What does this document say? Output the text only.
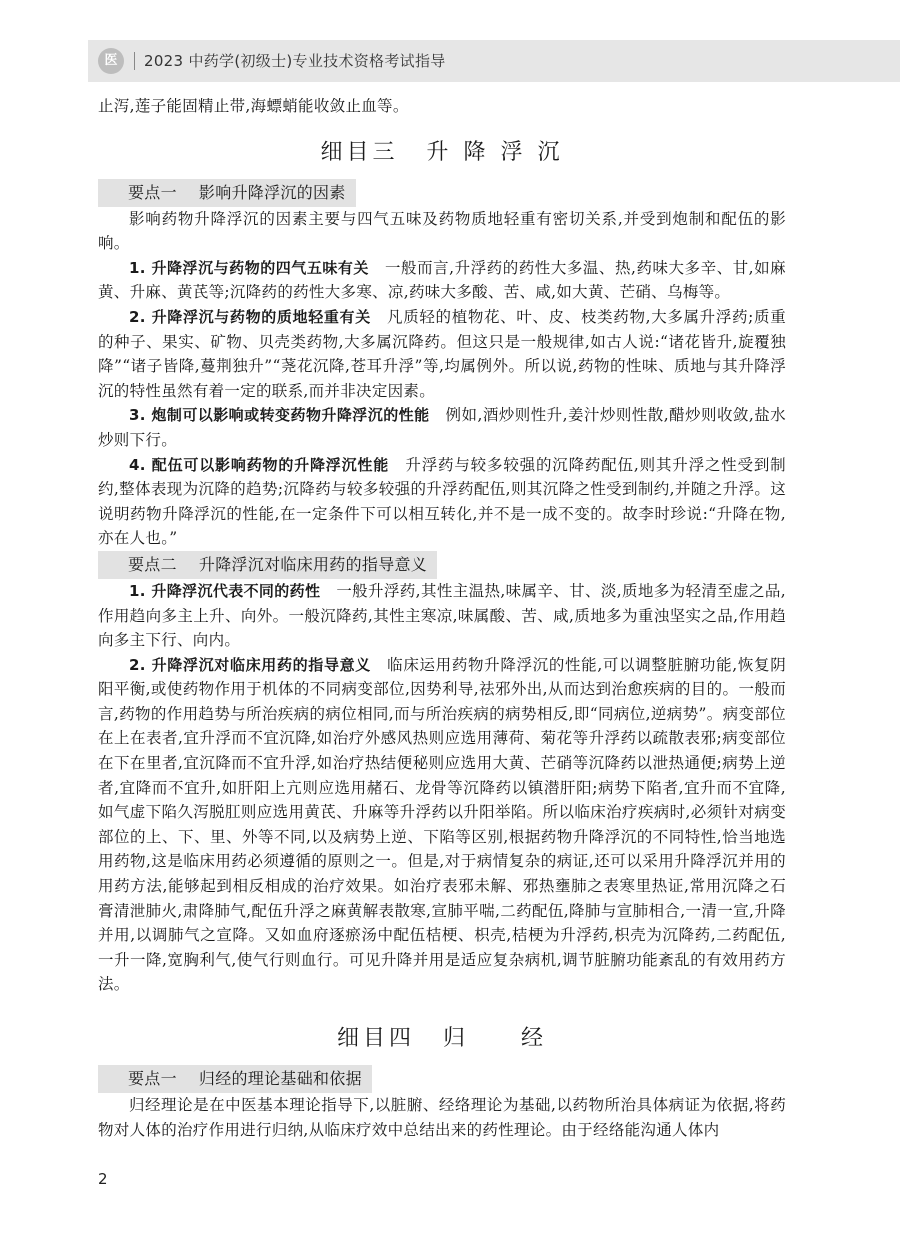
医	2023 中药学(初级士)专业技术资格考试指导

止泻,莲子能固精止带,海螵蛸能收敛止血等。

细目三 升 降 浮 沉

要点一 影响升降浮沉的因素

影响药物升降浮沉的因素主要与四气五味及药物质地轻重有密切关系,并受到炮制和配伍的影响。

1. 升降浮沉与药物的四气五味有关　 一般而言,升浮药的药性大多温、热,药味大多辛、甘,如麻黄、升麻、黄芪等;沉降药的药性大多寒、凉,药味大多酸、苦、咸,如大黄、芒硝、乌梅等。

2. 升降浮沉与药物的质地轻重有关　 凡质轻的植物花、叶、皮、枝类药物,大多属升浮药;质重的种子、果实、矿物、贝壳类药物,大多属沉降药。但这只是一般规律,如古人说:“诸花皆升,旋覆独降”“诸子皆降,蔓荆独升”“荛花沉降,苍耳升浮”等,均属例外。所以说,药物的性味、质地与其升降浮沉的特性虽然有着一定的联系,而并非决定因素。

3. 炮制可以影响或转变药物升降浮沉的性能　 例如,酒炒则性升,姜汁炒则性散,醋炒则收敛,盐水炒则下行。

4. 配伍可以影响药物的升降浮沉性能　 升浮药与较多较强的沉降药配伍,则其升浮之性受到制约,整体表现为沉降的趋势;沉降药与较多较强的升浮药配伍,则其沉降之性受到制约,并随之升浮。这说明药物升降浮沉的性能,在一定条件下可以相互转化,并不是一成不变的。故李时珍说:“升降在物,亦在人也。”

要点二 升降浮沉对临床用药的指导意义

1. 升降浮沉代表不同的药性　 一般升浮药,其性主温热,味属辛、甘、淡,质地多为轻清至虚之品,作用趋向多主上升、向外。一般沉降药,其性主寒凉,味属酸、苦、咸,质地多为重浊坚实之品,作用趋向多主下行、向内。

2. 升降浮沉对临床用药的指导意义　 临床运用药物升降浮沉的性能,可以调整脏腑功能,恢复阴阳平衡,或使药物作用于机体的不同病变部位,因势利导,祛邪外出,从而达到治愈疾病的目的。一般而言,药物的作用趋势与所治疾病的病位相同,而与所治疾病的病势相反,即“同病位,逆病势”。病变部位在上在表者,宜升浮而不宜沉降,如治疗外感风热则应选用薄荷、菊花等升浮药以疏散表邪;病变部位在下在里者,宜沉降而不宜升浮,如治疗热结便秘则应选用大黄、芒硝等沉降药以泄热通便;病势上逆者,宜降而不宜升,如肝阳上亢则应选用赭石、龙骨等沉降药以镇潜肝阳;病势下陷者,宜升而不宜降,如气虚下陷久泻脱肛则应选用黄芪、升麻等升浮药以升阳举陷。所以临床治疗疾病时,必须针对病变部位的上、下、里、外等不同,以及病势上逆、下陷等区别,根据药物升降浮沉的不同特性,恰当地选用药物,这是临床用药必须遵循的原则之一。但是,对于病情复杂的病证,还可以采用升降浮沉并用的用药方法,能够起到相反相成的治疗效果。如治疗表邪未解、邪热壅肺之表寒里热证,常用沉降之石膏清泄肺火,肃降肺气,配伍升浮之麻黄解表散寒,宣肺平喘,二药配伍,降肺与宣肺相合,一清一宣,升降并用,以调肺气之宣降。又如血府逐瘀汤中配伍桔梗、枳壳,桔梗为升浮药,枳壳为沉降药,二药配伍,一升一降,宽胸利气,使气行则血行。可见升降并用是适应复杂病机,调节脏腑功能紊乱的有效用药方法。

细目四 归　　经

要点一 归经的理论基础和依据

归经理论是在中医基本理论指导下,以脏腑、经络理论为基础,以药物所治具体病证为依据,将药物对人体的治疗作用进行归纳,从临床疗效中总结出来的药性理论。由于经络能沟通人体内

2
